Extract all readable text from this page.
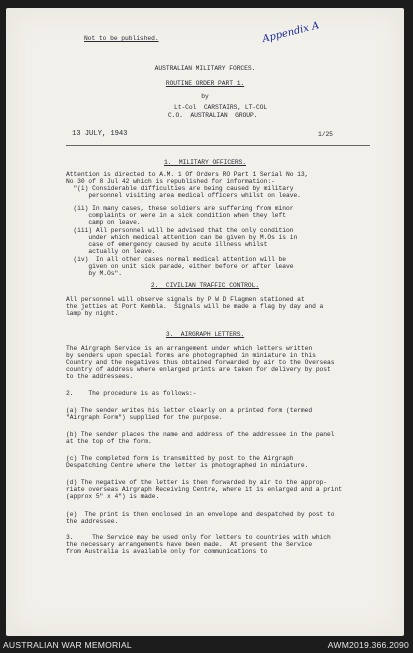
Not to be published.	Appendix A
AUSTRALIAN MILITARY FORCES.
ROUTINE ORDER PART 1.
by
Lt-Col  CARSTAIRS, LT-COL
C.O.  AUSTRALIAN  GROUP.
13 JULY, 1943	1/25
1.  MILITARY OFFICERS.
Attention is directed to A.M. 1 Of Orders RO Part 1 Serial No 13,
No 30 of 8 Jul 42 which is republished for information:-
"(i) Considerable difficulties are being caused by military
personnel visiting area medical officers whilst on leave.
(ii) In many cases, these soldiers are suffering from minor
complaints or were in a sick condition when they left
camp on leave.
(iii) All personnel will be advised that the only condition
under which medical attention can be given by M.Os is in
case of emergency caused by acute illness whilst
actually on leave.
(iv)  In all other cases normal medical attention will be
given on unit sick parade, either before or after leave
by M.Os".
2.  CIVILIAN TRAFFIC CONTROL.
All personnel will observe signals by P W D Flagmen stationed at
the jetties at Port Kembla.  Signals will be made a flag by day and a
lamp by night.
3.  AIRGRAPH LETTERS.
The Airgraph Service is an arrangement under which letters written
by senders upon special forms are photographed in miniature in this
Country and the negatives thus obtained forwarded by air to the Overseas
country of address where enlarged prints are taken for delivery by post
to the addressees.
2.    The procedure is as follows:-
(a) The sender writes his letter clearly on a printed form (termed
"Airgraph Form") supplied for the purpose.
(b) The sender places the name and address of the addressee in the panel
at the top of the form.
(c) The completed form is transmitted by post to the Airgraph
Despatching Centre where the letter is photographed in miniature.
(d) The negative of the letter is then forwarded by air to the approp-
riate overseas Airgraph Receiving Centre, where it is enlarged and a print
(approx 5" x 4") is made.
(e)  The print is then enclosed in an envelope and despatched by post to
the addressee.
3.     The Service may be used only for letters to countries with which
the necessary arrangements have been made.  At present the Service
from Australia is available only for communications to
AUSTRALIAN WAR MEMORIAL	AWM2019.366.2090
